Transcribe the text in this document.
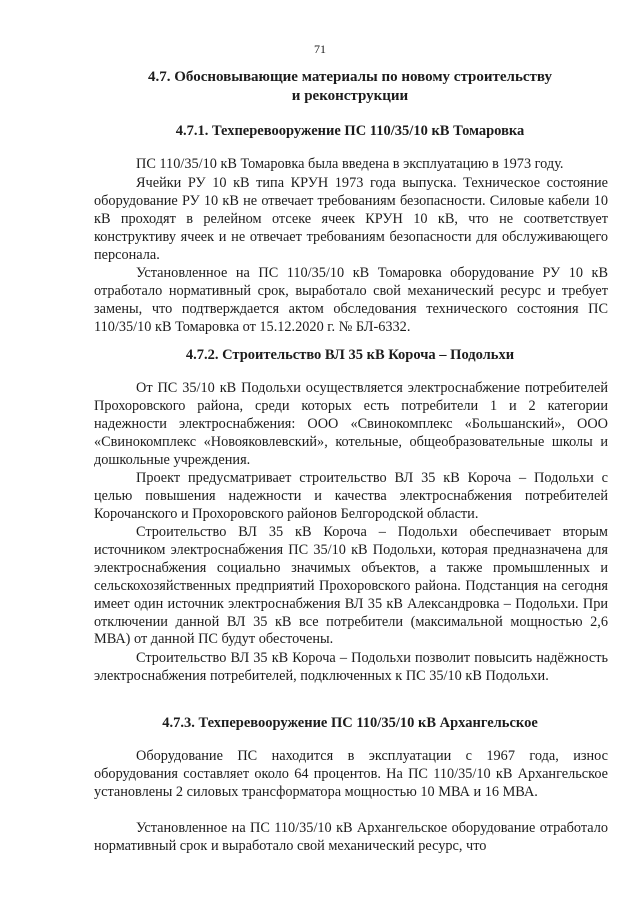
71
4.7. Обосновывающие материалы по новому строительству
и реконструкции
4.7.1. Техперевооружение ПС 110/35/10 кВ Томаровка

ПС 110/35/10 кВ Томаровка была введена в эксплуатацию в 1973 году.

Ячейки РУ 10 кВ типа КРУН 1973 года выпуска. Техническое состояние оборудование РУ 10 кВ не отвечает требованиям безопасности. Силовые кабели 10 кВ проходят в релейном отсеке ячеек КРУН 10 кВ, что не соответствует конструктиву ячеек и не отвечает требованиям безопасности для обслуживающего персонала.

Установленное на ПС 110/35/10 кВ Томаровка оборудование РУ 10 кВ отработало нормативный срок, выработало свой механический ресурс и требует замены, что подтверждается актом обследования технического состояния ПС 110/35/10 кВ Томаровка от 15.12.2020 г. № БЛ-6332.

4.7.2. Строительство ВЛ 35 кВ Короча – Подольхи

От ПС 35/10 кВ Подольхи осуществляется электроснабжение потребителей Прохоровского района, среди которых есть потребители 1 и 2 категории надежности электроснабжения: ООО «Свинокомплекс «Большанский», ООО «Свинокомплекс «Новояковлевский», котельные, общеобразовательные школы и дошкольные учреждения.

Проект предусматривает строительство ВЛ 35 кВ Короча – Подольхи с целью повышения надежности и качества электроснабжения потребителей Корочанского и Прохоровского районов Белгородской области.

Строительство ВЛ 35 кВ Короча – Подольхи обеспечивает вторым источником электроснабжения ПС 35/10 кВ Подольхи, которая предназначена для электроснабжения социально значимых объектов, а также промышленных и сельскохозяйственных предприятий Прохоровского района. Подстанция на сегодня имеет один источник электроснабжения ВЛ 35 кВ Александровка – Подольхи. При отключении данной ВЛ 35 кВ все потребители (максимальной мощностью 2,6 МВА) от данной ПС будут обесточены.

Строительство ВЛ 35 кВ Короча – Подольхи позволит повысить надёжность электроснабжения потребителей, подключенных к ПС 35/10 кВ Подольхи.

4.7.3. Техперевооружение ПС 110/35/10 кВ Архангельское

Оборудование ПС находится в эксплуатации с 1967 года, износ оборудования составляет около 64 процентов. На ПС 110/35/10 кВ Архангельское установлены 2 силовых трансформатора мощностью 10 МВА и 16 МВА.

Установленное на ПС 110/35/10 кВ Архангельское оборудование отработало нормативный срок и выработало свой механический ресурс, что
